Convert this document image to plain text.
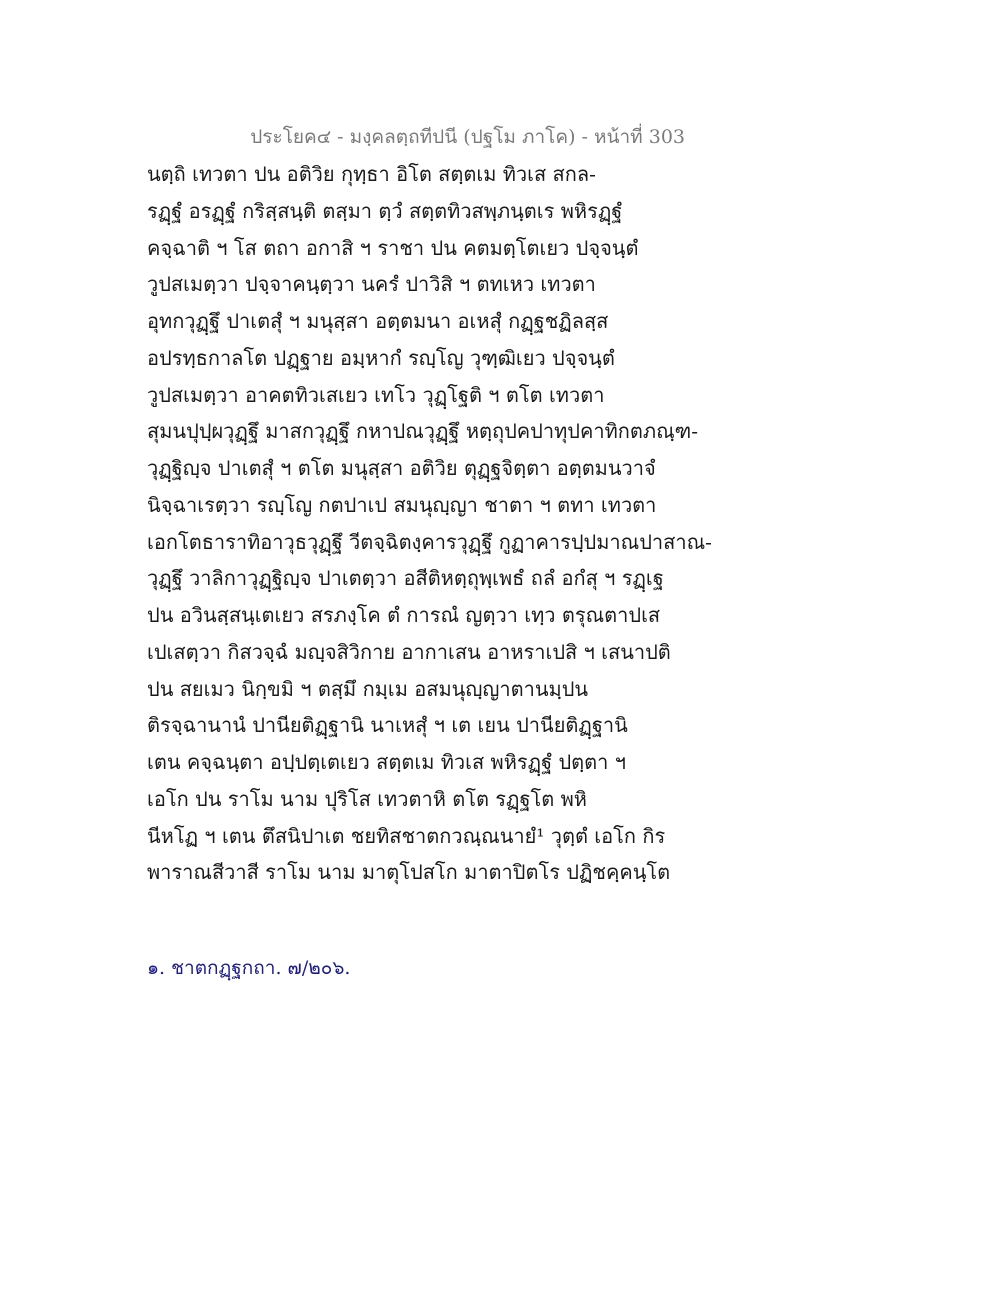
ประโยค๔ - มงฺคลตฺถทีปนี (ปฐโม ภาโค) - หน้าที่ 303
นตฺถิ เทวตา ปน อติวิย กุทฺธา อิโต สตฺตเม ทิวเส สกล-
รฏฺฐํ อรฏฺฐํ กริสฺสนฺติ ตสฺมา ตฺวํ สตฺตทิวสพฺภนฺตเร พหิรฏฺฐํ
คจฺฉาติ ฯ โส ตถา อกาสิ ฯ ราชา ปน คตมตฺโตเยว ปจฺจนฺตํ
วูปสเมตฺวา ปจฺจาคนฺตฺวา นครํ ปาวิสิ ฯ ตทเหว เทวตา
อุทกวุฏฺฐึ ปาเตสุํ ฯ มนุสฺสา อตฺตมนา อเหสุํ กฏฺฐชฏิลสฺส
อปรทฺธกาลโต ปฏฺฐาย อมฺหากํ รญฺโญ วุฑฺฒิเยว ปจฺจนฺตํ
วูปสเมตฺวา อาคตทิวเสเยว เทโว วุฏฺโฐติ ฯ ตโต เทวตา
สุมนปุปฺผวุฏฺฐึ มาสกวุฏฺฐึ กหาปณวุฏฺฐึ หตฺถุปคปาทุปคาทิกตภณฺฑ-
วุฏฺฐิญฺจ ปาเตสุํ ฯ ตโต มนุสฺสา อติวิย ตุฏฺฐจิตฺตา อตฺตมนวาจํ
นิจฺฉาเรตฺวา รญฺโญ กตปาเป สมนุญฺญา ชาตา ฯ ตทา เทวตา
เอกโตธาราทิอาวุธวุฏฺฐึ วีตจฺฉิตงฺคารวุฏฺฐึ กูฏาคารปฺปมาณปาสาณ-
วุฏฺฐึ วาลิกาวุฏฺฐิญฺจ ปาเตตฺวา อสีติหตฺถุพฺเพธํ ถลํ อกํสุ ฯ รฏฺเฐ
ปน อวินสฺสนฺเตเยว สรภงฺโค ตํ การณํ ญตฺวา เทฺว ตรุณตาปเส
เปเสตฺวา กิสวจฺฉํ มญฺจสิวิกาย อากาเสน อาหราเปสิ ฯ เสนาปติ
ปน สยเมว นิกฺขมิ ฯ ตสฺมึ กมฺเม อสมนุญฺญาตานมฺปน
ติรจฺฉานานํ ปานียติฏฺฐานิ นาเหสุํ ฯ เต เยน ปานียติฏฺฐานิ
เตน คจฺฉนฺตา อปฺปตฺเตเยว สตฺตเม ทิวเส พหิรฏฺฐํ ปตฺตา ฯ
เอโก ปน ราโม นาม ปุริโส เทวตาหิ ตโต รฏฺฐโต พหิ
นีหโฏ ฯ เตน ตึสนิปาเต ชยทิสชาตกวณฺณนายํ¹ วุตฺตํ เอโก กิร
พาราณสีวาสี ราโม นาม มาตุโปสโก มาตาปิตโร ปฏิชคฺคนฺโต
๑. ชาตกฏฺฐกถา. ๗/๒๐๖.
